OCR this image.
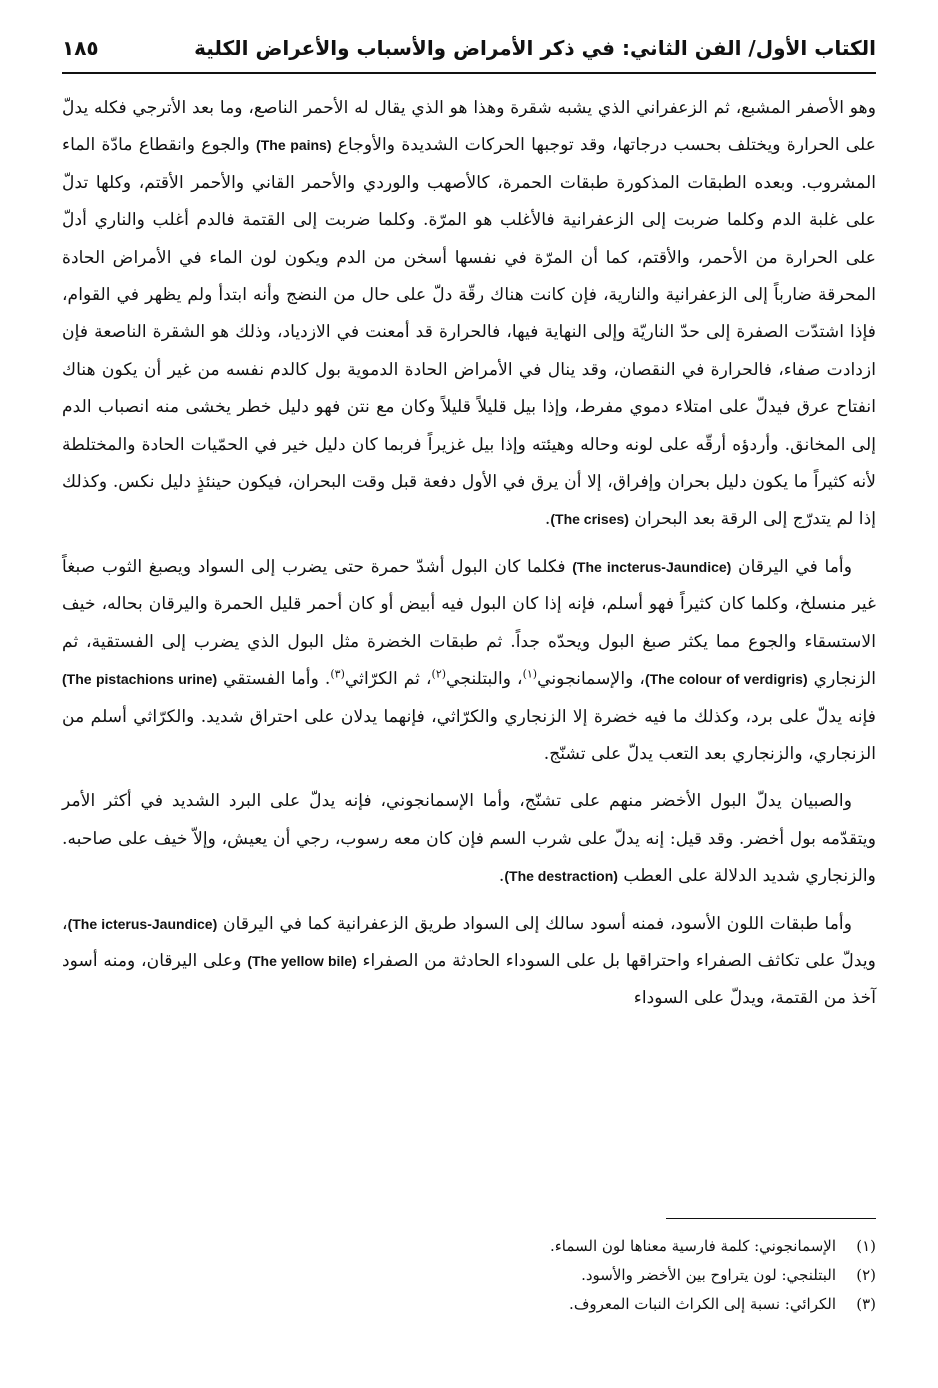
الكتاب الأول/ الفن الثاني: في ذكر الأمراض والأسباب والأعراض الكلية
١٨٥

وهو الأصفر المشبع، ثم الزعفراني الذي يشبه شقرة وهذا هو الذي يقال له الأحمر الناصع، وما بعد الأترجي فكله يدلّ على الحرارة ويختلف بحسب درجاتها، وقد توجبها الحركات الشديدة والأوجاع (The pains) والجوع وانقطاع مادّة الماء المشروب. وبعده الطبقات المذكورة طبقات الحمرة، كالأصهب والوردي والأحمر القاني والأحمر الأقتم، وكلها تدلّ على غلبة الدم وكلما ضربت إلى الزعفرانية فالأغلب هو المرّة. وكلما ضربت إلى القتمة فالدم أغلب والناري أدلّ على الحرارة من الأحمر، والأقتم، كما أن المرّة في نفسها أسخن من الدم ويكون لون الماء في الأمراض الحادة المحرقة ضارباً إلى الزعفرانية والنارية، فإن كانت هناك رقّة دلّ على حال من النضج وأنه ابتدأ ولم يظهر في القوام، فإذا اشتدّت الصفرة إلى حدّ الناريّة وإلى النهاية فيها، فالحرارة قد أمعنت في الازدياد، وذلك هو الشقرة الناصعة فإن ازدادت صفاء، فالحرارة في النقصان، وقد ينال في الأمراض الحادة الدموية بول كالدم نفسه من غير أن يكون هناك انفتاح عرق فيدلّ على امتلاء دموي مفرط، وإذا بيل قليلاً قليلاً وكان مع نتن فهو دليل خطر يخشى منه انصباب الدم إلى المخانق. وأردؤه أرقّه على لونه وحاله وهيئته وإذا بيل غزيراً فربما كان دليل خير في الحمّيات الحادة والمختلطة لأنه كثيراً ما يكون دليل بحران وإفراق، إلا أن يرق في الأول دفعة قبل وقت البحران، فيكون حينئذٍ دليل نكس. وكذلك إذا لم يتدرّج إلى الرقة بعد البحران (The crises).

وأما في اليرقان (The incterus-Jaundice) فكلما كان البول أشدّ حمرة حتى يضرب إلى السواد ويصبغ الثوب صبغاً غير منسلخ، وكلما كان كثيراً فهو أسلم، فإنه إذا كان البول فيه أبيض أو كان أحمر قليل الحمرة واليرقان بحاله، خيف الاستسقاء والجوع مما يكثر صبغ البول ويحدّه جداً. ثم طبقات الخضرة مثل البول الذي يضرب إلى الفستقية، ثم الزنجاري (The colour of verdigris)، والإسمانجوني$^{(١)}$، والبتلنجي$^{(٢)}$، ثم الكرّاثي$^{(٣)}$. وأما الفستقي (The pistachions urine) فإنه يدلّ على برد، وكذلك ما فيه خضرة إلا الزنجاري والكرّاثي، فإنهما يدلان على احتراق شديد. والكرّاثي أسلم من الزنجاري، والزنجاري بعد التعب يدلّ على تشنّج.

والصبيان يدلّ البول الأخضر منهم على تشنّج، وأما الإسمانجوني، فإنه يدلّ على البرد الشديد في أكثر الأمر ويتقدّمه بول أخضر. وقد قيل: إنه يدلّ على شرب السم فإن كان معه رسوب، رجي أن يعيش، وإلاّ خيف على صاحبه. والزنجاري شديد الدلالة على العطب (The destraction).

وأما طبقات اللون الأسود، فمنه أسود سالك إلى السواد طريق الزعفرانية كما في اليرقان (The icterus-Jaundice)، ويدلّ على تكاثف الصفراء واحتراقها بل على السوداء الحادثة من الصفراء (The yellow bile) وعلى اليرقان، ومنه أسود آخذ من القتمة، ويدلّ على السوداء

(١)
الإسمانجوني: كلمة فارسية معناها لون السماء.
(٢)
البتلنجي: لون يتراوح بين الأخضر والأسود.
(٣)
الكرائي: نسبة إلى الكراث النبات المعروف.
